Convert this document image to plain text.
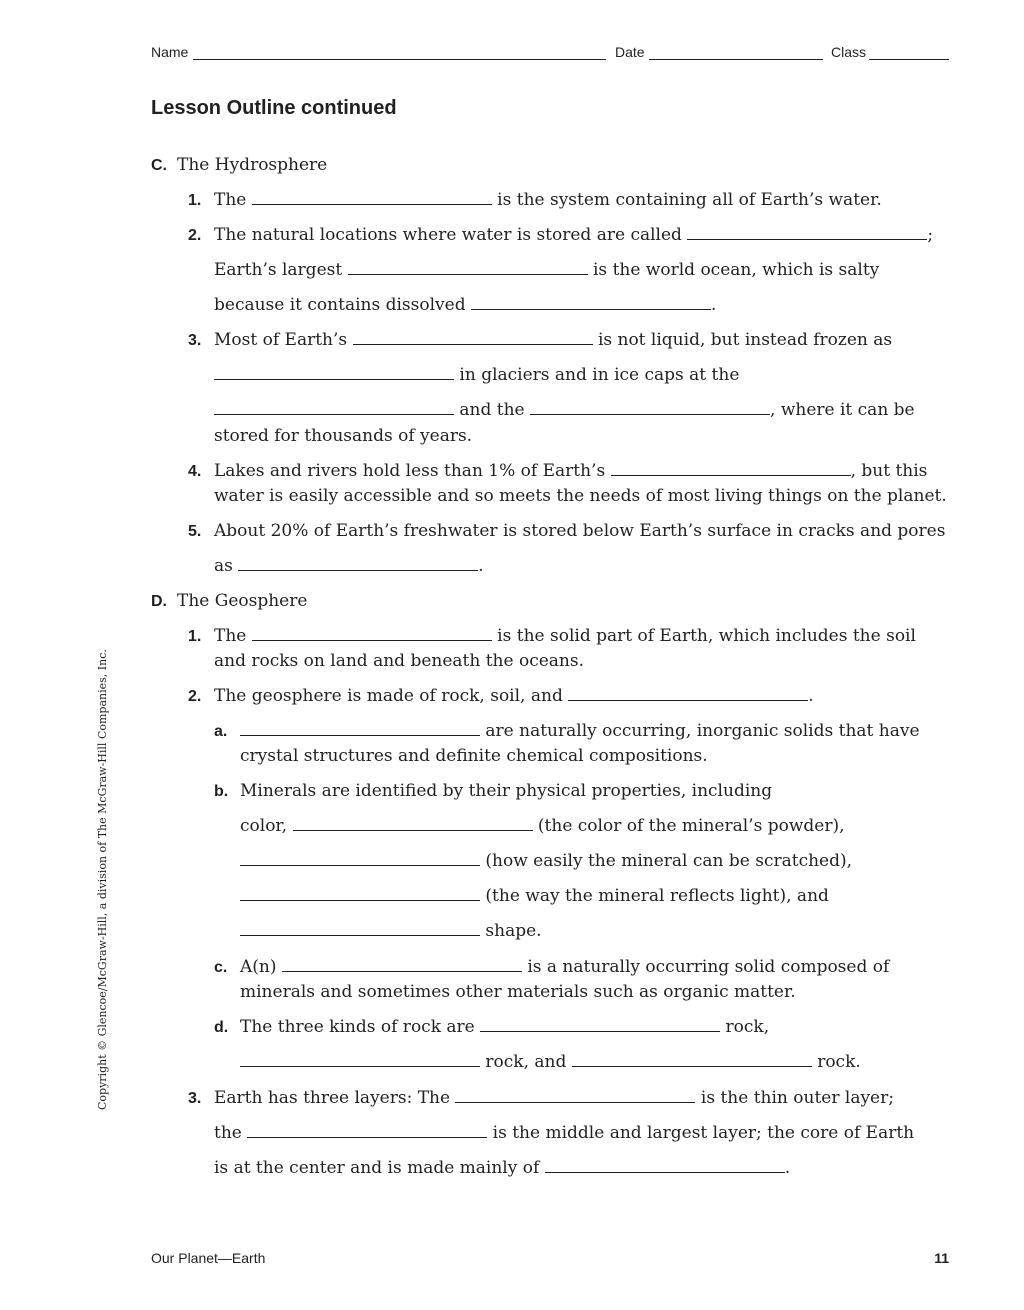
Name	Date	Class
Lesson Outline continued
C. The Hydrosphere
1. The	is the system containing all of Earth’s water.
2. The natural locations where water is stored are called	;
Earth’s largest	is the world ocean, which is salty
because it contains dissolved	.
3. Most of Earth’s	is not liquid, but instead frozen as
in glaciers and in ice caps at the
and the	, where it can be
stored for thousands of years.
4. Lakes and rivers hold less than 1% of Earth’s	, but this
water is easily accessible and so meets the needs of most living things on the planet.
5. About 20% of Earth’s freshwater is stored below Earth’s surface in cracks and pores
as	.
D. The Geosphere
1. The	is the solid part of Earth, which includes the soil
and rocks on land and beneath the oceans.
2. The geosphere is made of rock, soil, and	.
a.	are naturally occurring, inorganic solids that have
crystal structures and definite chemical compositions.
b. Minerals are identified by their physical properties, including
color,	(the color of the mineral’s powder),
(how easily the mineral can be scratched),
(the way the mineral reflects light), and
shape.
c. A(n)	is a naturally occurring solid composed of
minerals and sometimes other materials such as organic matter.
d. The three kinds of rock are	rock,
rock, and	rock.
3. Earth has three layers: The	is the thin outer layer;
the	is the middle and largest layer; the core of Earth
is at the center and is made mainly of	.
Copyright © Glencoe/McGraw-Hill, a division of The McGraw-Hill Companies, Inc.
Our Planet—Earth	11
